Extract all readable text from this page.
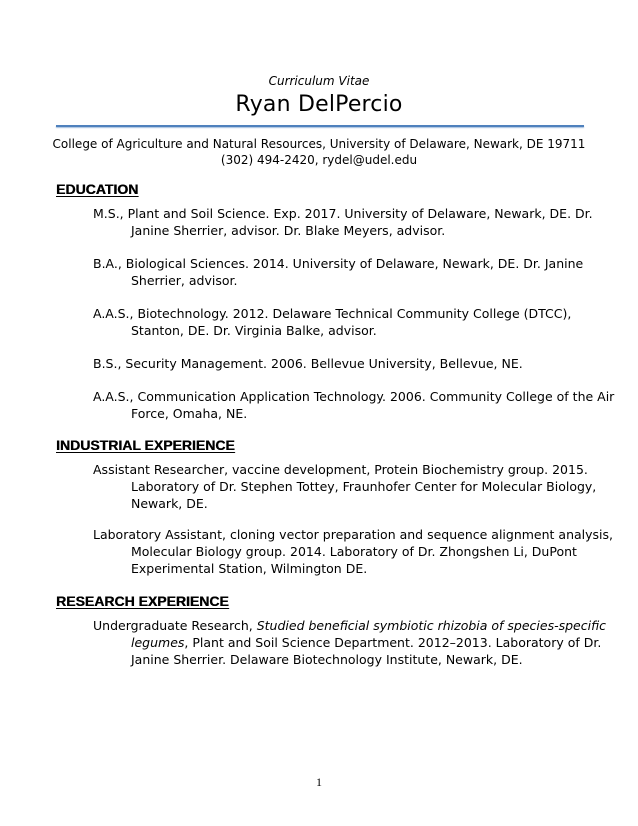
Curriculum Vitae
Ryan DelPercio
College of Agriculture and Natural Resources, University of Delaware, Newark, DE 19711
(302) 494-2420, rydel@udel.edu
EDUCATION

M.S., Plant and Soil Science. Exp. 2017. University of Delaware, Newark, DE. Dr. Janine Sherrier, advisor. Dr. Blake Meyers, advisor.

B.A., Biological Sciences. 2014. University of Delaware, Newark, DE. Dr. Janine Sherrier, advisor.

A.A.S., Biotechnology. 2012. Delaware Technical Community College (DTCC), Stanton, DE. Dr. Virginia Balke, advisor.

B.S., Security Management. 2006. Bellevue University, Bellevue, NE.

A.A.S., Communication Application Technology. 2006. Community College of the Air Force, Omaha, NE.

INDUSTRIAL EXPERIENCE

Assistant Researcher, vaccine development, Protein Biochemistry group. 2015. Laboratory of Dr. Stephen Tottey, Fraunhofer Center for Molecular Biology, Newark, DE.

Laboratory Assistant, cloning vector preparation and sequence alignment analysis, Molecular Biology group. 2014. Laboratory of Dr. Zhongshen Li, DuPont Experimental Station, Wilmington DE.

RESEARCH EXPERIENCE

Undergraduate Research, Studied beneficial symbiotic rhizobia of species-specific legumes, Plant and Soil Science Department. 2012–2013. Laboratory of Dr. Janine Sherrier. Delaware Biotechnology Institute, Newark, DE.

1
